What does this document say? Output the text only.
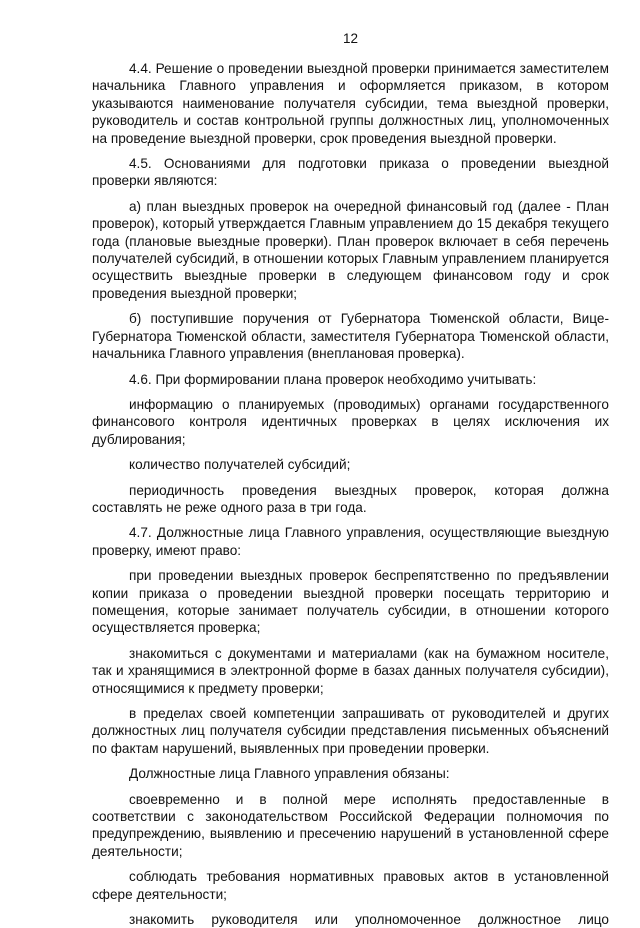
12

4.4. Решение о проведении выездной проверки принимается заместителем начальника Главного управления и оформляется приказом, в котором указываются наименование получателя субсидии, тема выездной проверки, руководитель и состав контрольной группы должностных лиц, уполномоченных на проведение выездной проверки, срок проведения выездной проверки.

4.5. Основаниями для подготовки приказа о проведении выездной проверки являются:

а) план выездных проверок на очередной финансовый год (далее - План проверок), который утверждается Главным управлением до 15 декабря текущего года (плановые выездные проверки). План проверок включает в себя перечень получателей субсидий, в отношении которых Главным управлением планируется осуществить выездные проверки в следующем финансовом году и срок проведения выездной проверки;

б) поступившие поручения от Губернатора Тюменской области, Вице-Губернатора Тюменской области, заместителя Губернатора Тюменской области, начальника Главного управления (внеплановая проверка).

4.6. При формировании плана проверок необходимо учитывать:

информацию о планируемых (проводимых) органами государственного финансового контроля идентичных проверках в целях исключения их дублирования;

количество получателей субсидий;

периодичность проведения выездных проверок, которая должна составлять не реже одного раза в три года.

4.7. Должностные лица Главного управления, осуществляющие выездную проверку, имеют право:

при проведении выездных проверок беспрепятственно по предъявлении копии приказа о проведении выездной проверки посещать территорию и помещения, которые занимает получатель субсидии, в отношении которого осуществляется проверка;

знакомиться с документами и материалами (как на бумажном носителе, так и хранящимися в электронной форме в базах данных получателя субсидии), относящимися к предмету проверки;

в пределах своей компетенции запрашивать от руководителей и других должностных лиц получателя субсидии представления письменных объяснений по фактам нарушений, выявленных при проведении проверки.

Должностные лица Главного управления обязаны:

своевременно и в полной мере исполнять предоставленные в соответствии с законодательством Российской Федерации полномочия по предупреждению, выявлению и пресечению нарушений в установленной сфере деятельности;

соблюдать требования нормативных правовых актов в установленной сфере деятельности;

знакомить руководителя или уполномоченное должностное лицо
